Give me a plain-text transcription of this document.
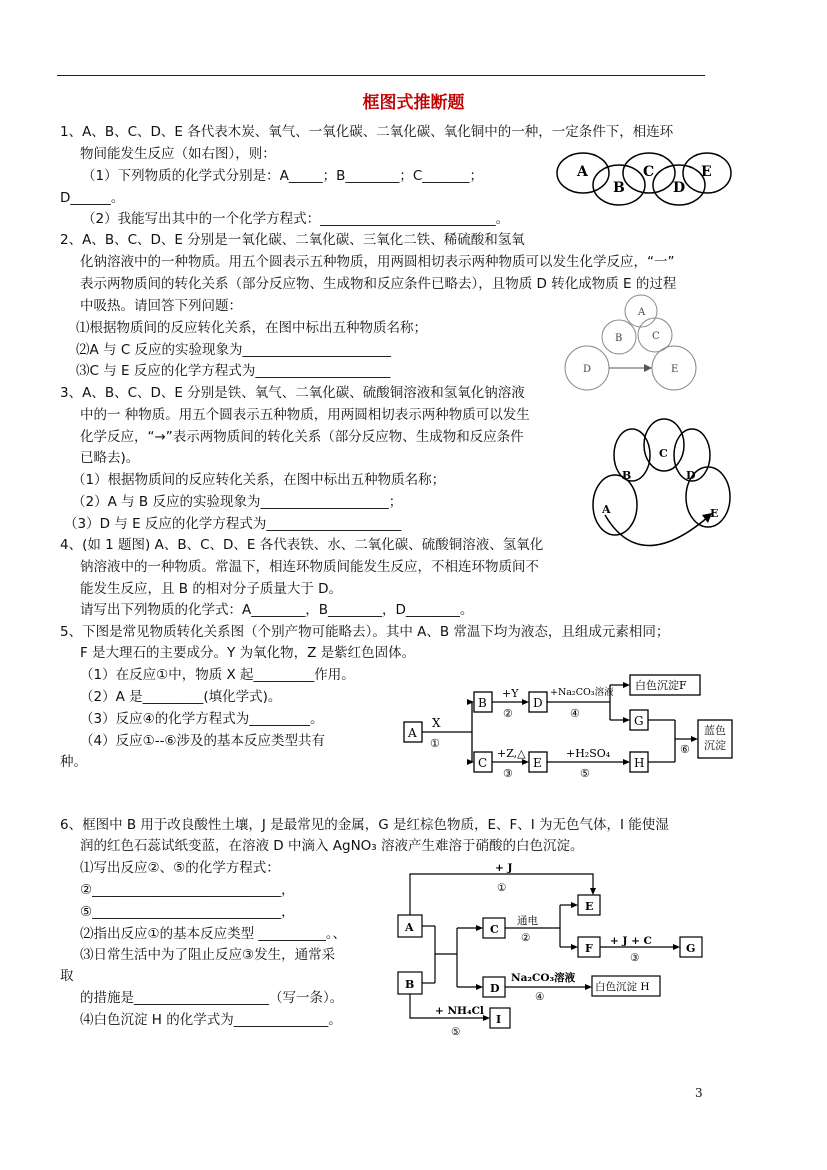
框图式推断题
1、A、B、C、D、E 各代表木炭、氧气、一氧化碳、二氧化碳、氧化铜中的一种，一定条件下，相连环
物间能发生反应（如右图），则：
（1）下列物质的化学式分别是：A_____；B________；C_______；
D______。
（2）我能写出其中的一个化学方程式：__________________________。
A
B
C
D
E
2、A、B、C、D、E 分别是一氧化碳、二氧化碳、三氧化二铁、稀硫酸和氢氧
化钠溶液中的一种物质。用五个圆表示五种物质，用两圆相切表示两种物质可以发生化学反应，“一”
表示两物质间的转化关系（部分反应物、生成物和反应条件已略去），且物质 D 转化成物质 E 的过程
中吸热。请回答下列问题：
⑴根据物质间的反应转化关系，在图中标出五种物质名称；
⑵A 与 C 反应的实验现象为______________________
⑶C 与 E 反应的化学方程式为____________________
A
B	C
D	E
3、A、B、C、D、E 分别是铁、氧气、二氧化碳、硫酸铜溶液和氢氧化钠溶液
中的一 种物质。用五个圆表示五种物质，用两圆相切表示两种物质可以发生
化学反应，“→”表示两物质间的转化关系（部分反应物、生成物和反应条件
已略去)。
（1）根据物质间的反应转化关系，在图中标出五种物质名称；
（2）A 与 B 反应的实验现象为___________________；
（3）D 与 E 反应的化学方程式为____________________
C
B	D
A	E
4、(如 1 题图) A、B、C、D、E 各代表铁、水、二氧化碳、硫酸铜溶液、氢氧化
钠溶液中的一种物质。常温下，相连环物质间能发生反应，不相连环物质间不
能发生反应，且 B 的相对分子质量大于 D。
请写出下列物质的化学式：A________，B________，D________。
5、下图是常见物质转化关系图（个别产物可能略去）。其中 A、B 常温下均为液态，且组成元素相同；
F 是大理石的主要成分。Y 为氧化物，Z 是紫红色固体。
（1）在反应①中，物质 X 起_________作用。
（2）A 是_________(填化学式)。
（3）反应④的化学方程式为_________。
（4）反应①--⑥涉及的基本反应类型共有
种。
A
B	D
白色沉淀F
G
C	E	H
蓝色沉淀
X
①
+Y
②
+Na₂CO₃溶液
④
+Z,△
③
+H₂SO₄
⑤
⑥
6、框图中 B 用于改良酸性土壤，J 是最常见的金属，G 是红棕色物质，E、F、I 为无色气体，I 能使湿
润的红色石蕊试纸变蓝，在溶液 D 中滴入 AgNO₃ 溶液产生难溶于硝酸的白色沉淀。
⑴写出反应②、⑤的化学方程式：
②____________________________，
⑤____________________________，
⑵指出反应①的基本反应类型 __________。、
⑶日常生活中为了阻止反应③发生，通常采
取
的措施是____________________（写一条）。
⑷白色沉淀 H 的化学式为______________。
A
B
C
D
E
F	G
I
白色沉淀 H
+ J
①
通电
②	+ J + C
③
Na₂CO₃溶液
④
+ NH₄Cl
⑤
3
